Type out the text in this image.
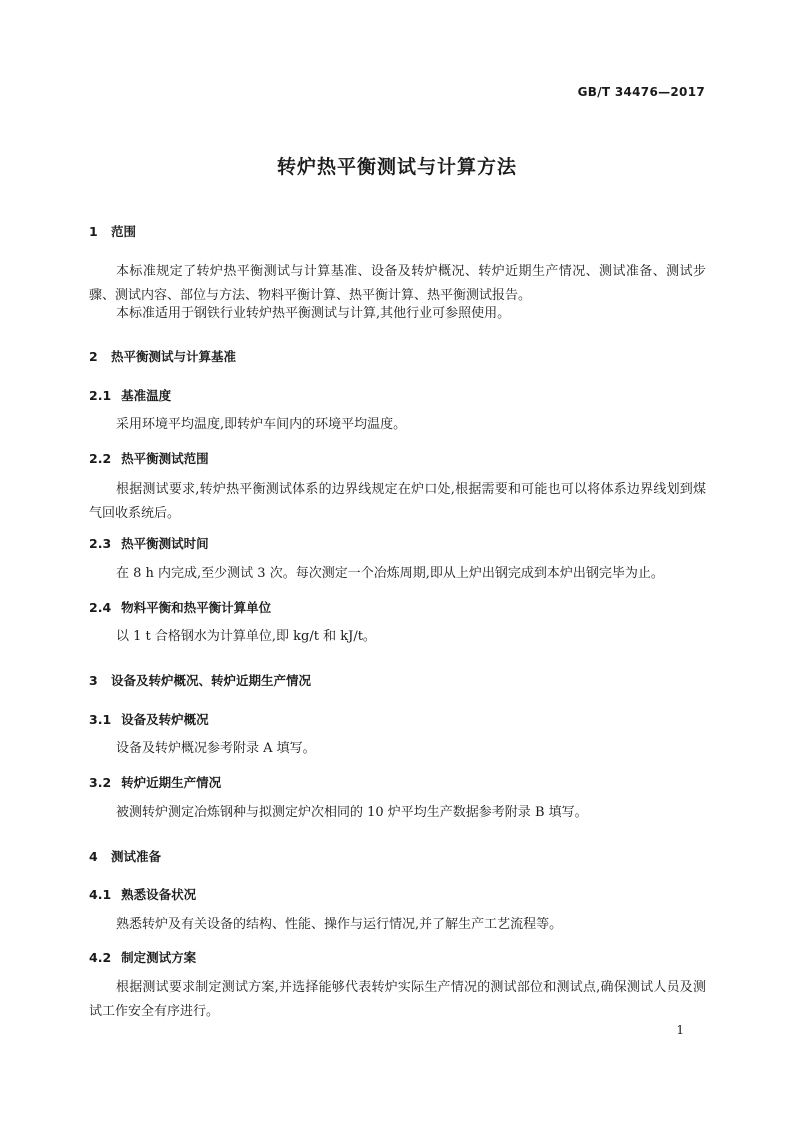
GB/T 34476—2017
转炉热平衡测试与计算方法
1 范围
本标准规定了转炉热平衡测试与计算基准、设备及转炉概况、转炉近期生产情况、测试准备、测试步骤、测试内容、部位与方法、物料平衡计算、热平衡计算、热平衡测试报告。
本标准适用于钢铁行业转炉热平衡测试与计算,其他行业可参照使用。
2 热平衡测试与计算基准
2.1 基准温度
采用环境平均温度,即转炉车间内的环境平均温度。
2.2 热平衡测试范围
根据测试要求,转炉热平衡测试体系的边界线规定在炉口处,根据需要和可能也可以将体系边界线划到煤气回收系统后。
2.3 热平衡测试时间
在 8 h 内完成,至少测试 3 次。每次测定一个冶炼周期,即从上炉出钢完成到本炉出钢完毕为止。
2.4 物料平衡和热平衡计算单位
以 1 t 合格钢水为计算单位,即 kg/t 和 kJ/t。
3 设备及转炉概况、转炉近期生产情况
3.1 设备及转炉概况
设备及转炉概况参考附录 A 填写。
3.2 转炉近期生产情况
被测转炉测定冶炼钢种与拟测定炉次相同的 10 炉平均生产数据参考附录 B 填写。
4 测试准备
4.1 熟悉设备状况
熟悉转炉及有关设备的结构、性能、操作与运行情况,并了解生产工艺流程等。
4.2 制定测试方案
根据测试要求制定测试方案,并选择能够代表转炉实际生产情况的测试部位和测试点,确保测试人员及测试工作安全有序进行。
1
